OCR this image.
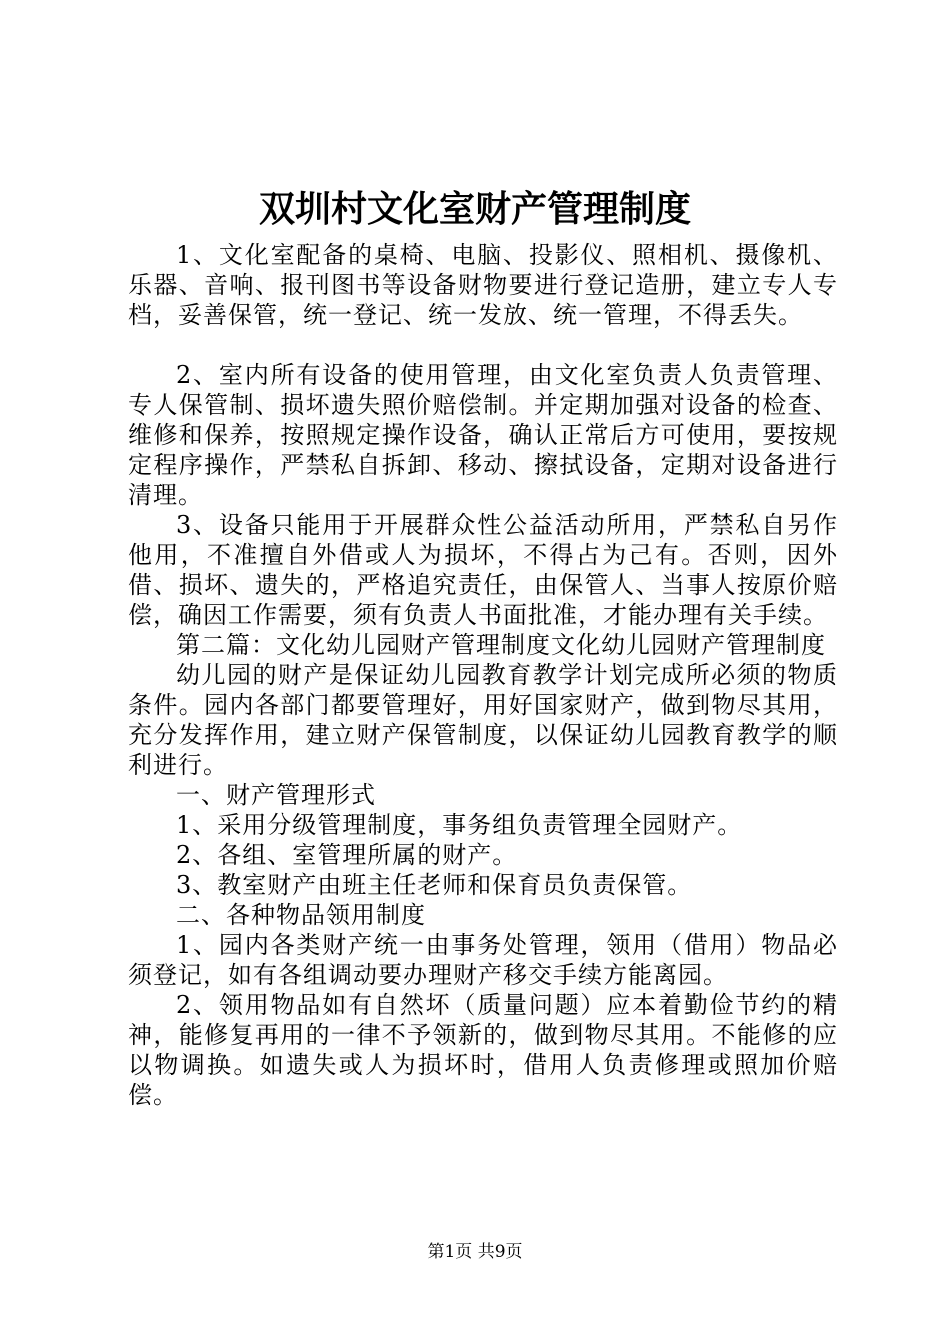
双圳村文化室财产管理制度

1、文化室配备的桌椅、电脑、投影仪、照相机、摄像机、乐器、音响、报刊图书等设备财物要进行登记造册，建立专人专档，妥善保管，统一登记、统一发放、统一管理，不得丢失。

2、室内所有设备的使用管理，由文化室负责人负责管理、专人保管制、损坏遗失照价赔偿制。并定期加强对设备的检查、维修和保养，按照规定操作设备，确认正常后方可使用，要按规定程序操作，严禁私自拆卸、移动、擦拭设备，定期对设备进行清理。

3、设备只能用于开展群众性公益活动所用，严禁私自另作他用，不准擅自外借或人为损坏，不得占为己有。否则，因外借、损坏、遗失的，严格追究责任，由保管人、当事人按原价赔偿，确因工作需要，须有负责人书面批准，才能办理有关手续。

第二篇：文化幼儿园财产管理制度文化幼儿园财产管理制度

幼儿园的财产是保证幼儿园教育教学计划完成所必须的物质条件。园内各部门都要管理好，用好国家财产，做到物尽其用，充分发挥作用，建立财产保管制度，以保证幼儿园教育教学的顺利进行。

一、财产管理形式

1、采用分级管理制度，事务组负责管理全园财产。

2、各组、室管理所属的财产。

3、教室财产由班主任老师和保育员负责保管。

二、各种物品领用制度

1、园内各类财产统一由事务处管理，领用（借用）物品必须登记，如有各组调动要办理财产移交手续方能离园。

2、领用物品如有自然坏（质量问题）应本着勤俭节约的精神，能修复再用的一律不予领新的，做到物尽其用。不能修的应以物调换。如遗失或人为损坏时，借用人负责修理或照加价赔偿。

第1页 共9页
